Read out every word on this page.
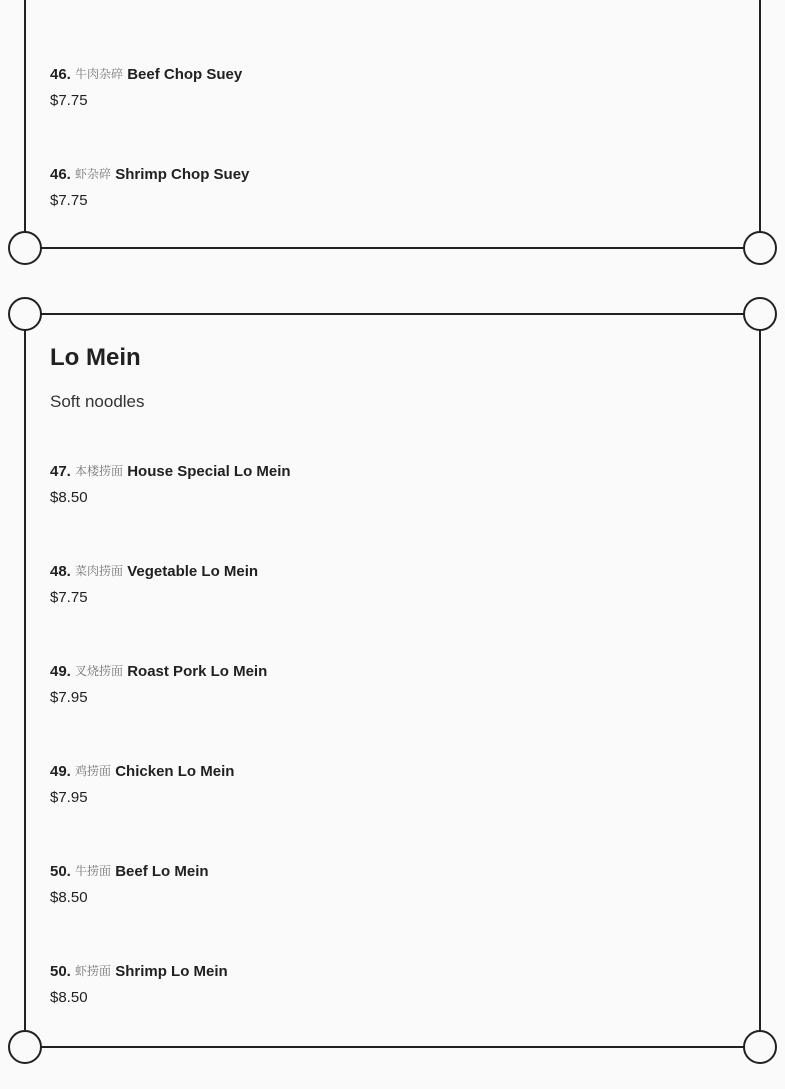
46. 牛肉杂碎 Beef Chop Suey
$7.75
46. 虾杂碎 Shrimp Chop Suey
$7.75
Lo Mein

Soft noodles

47. 本楼捞面 House Special Lo Mein
$8.50
48. 菜肉捞面 Vegetable Lo Mein
$7.75
49. 叉烧捞面 Roast Pork Lo Mein
$7.95
49. 鸡捞面 Chicken Lo Mein
$7.95
50. 牛捞面 Beef Lo Mein
$8.50
50. 虾捞面 Shrimp Lo Mein
$8.50
